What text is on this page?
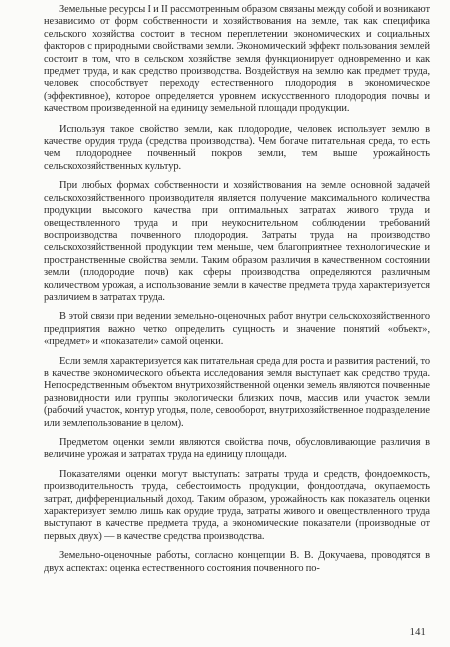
Земельные ресурсы I и II рассмотренным образом связаны между собой и возникают независимо от форм собственности и хозяйствования на земле, так как специфика сельского хозяйства состоит в тесном переплетении экономических и социальных факторов с природными свойствами земли. Экономический эффект пользования землей состоит в том, что в сельском хозяйстве земля функционирует одновременно и как предмет труда, и как средство производства. Воздействуя на землю как предмет труда, человек способствует переходу естественного плодородия в экономическое (эффективное), которое определяется уровнем искусственного плодородия почвы и качеством произведенной на единицу земельной площади продукции.

Используя такое свойство земли, как плодородие, человек использует землю в качестве орудия труда (средства производства). Чем богаче питательная среда, то есть чем плодороднее почвенный покров земли, тем выше урожайность сельскохозяйственных культур.

При любых формах собственности и хозяйствования на земле основной задачей сельскохозяйственного производителя является получение максимального количества продукции высокого качества при оптимальных затратах живого труда и овеществленного труда и при неукоснительном соблюдении требований воспроизводства почвенного плодородия. Затраты труда на производство сельскохозяйственной продукции тем меньше, чем благоприятнее технологические и пространственные свойства земли. Таким образом различия в качественном состоянии земли (плодородие почв) как сферы производства определяются различным количеством урожая, а использование земли в качестве предмета труда характеризуется различием в затратах труда.

В этой связи при ведении земельно-оценочных работ внутри сельскохозяйственного предприятия важно четко определить сущность и значение понятий «объект», «предмет» и «показатели» самой оценки.

Если земля характеризуется как питательная среда для роста и развития растений, то в качестве экономического объекта исследования земля выступает как средство труда. Непосредственным объектом внутрихозяйственной оценки земель являются почвенные разновидности или группы экологически близких почв, массив или участок земли (рабочий участок, контур угодья, поле, севооборот, внутрихозяйственное подразделение или землепользование в целом).

Предметом оценки земли являются свойства почв, обусловливающие различия в величине урожая и затратах труда на единицу площади.

Показателями оценки могут выступать: затраты труда и средств, фондоемкость, производительность труда, себестоимость продукции, фондоотдача, окупаемость затрат, дифференциальный доход. Таким образом, урожайность как показатель оценки характеризует землю лишь как орудие труда, затраты живого и овеществленного труда выступают в качестве предмета труда, а экономические показатели (производные от первых двух) — в качестве средства производства.

Земельно-оценочные работы, согласно концепции В. В. Докучаева, проводятся в двух аспектах: оценка естественного состояния почвенного по-

141
